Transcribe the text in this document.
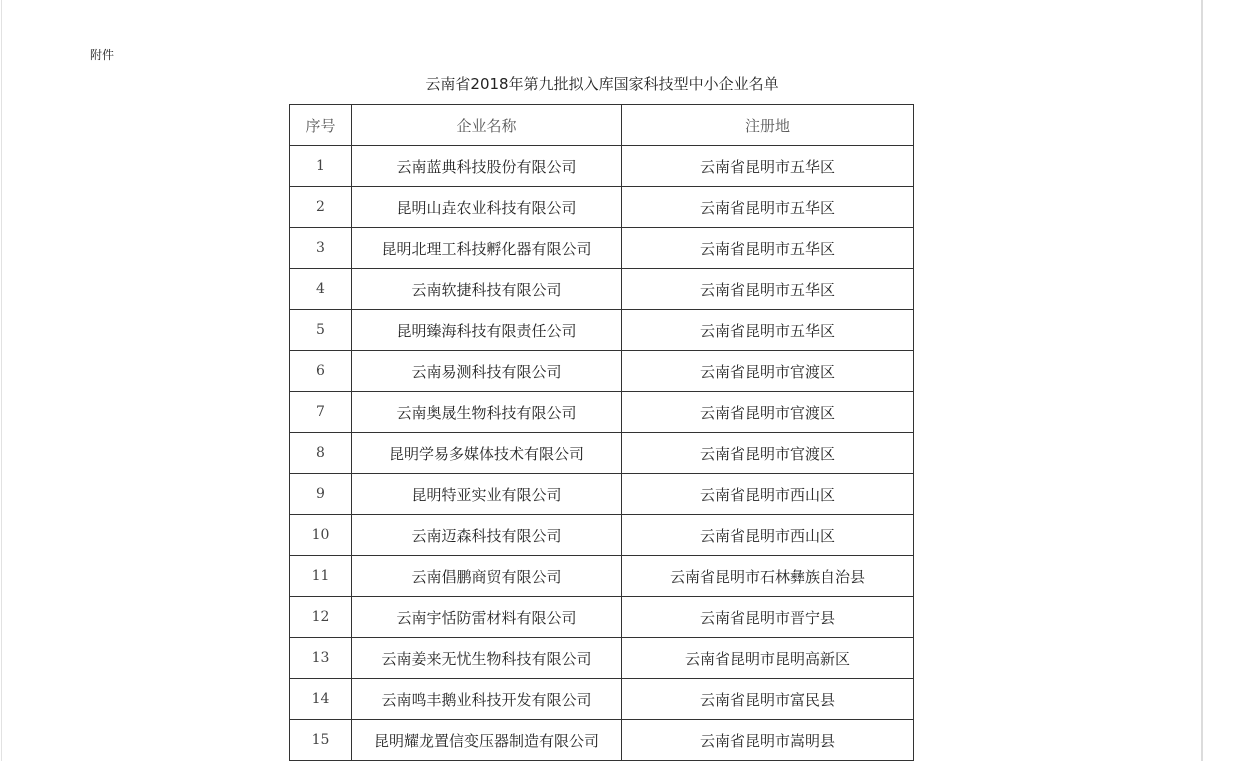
附件
云南省2018年第九批拟入库国家科技型中小企业名单
序号	企业名称	注册地
1	云南蓝典科技股份有限公司	云南省昆明市五华区
2	昆明山垚农业科技有限公司	云南省昆明市五华区
3	昆明北理工科技孵化器有限公司	云南省昆明市五华区
4	云南软捷科技有限公司	云南省昆明市五华区
5	昆明臻海科技有限责任公司	云南省昆明市五华区
6	云南易测科技有限公司	云南省昆明市官渡区
7	云南奥晟生物科技有限公司	云南省昆明市官渡区
8	昆明学易多媒体技术有限公司	云南省昆明市官渡区
9	昆明特亚实业有限公司	云南省昆明市西山区
10	云南迈森科技有限公司	云南省昆明市西山区
11	云南倡鹏商贸有限公司	云南省昆明市石林彝族自治县
12	云南宇恬防雷材料有限公司	云南省昆明市晋宁县
13	云南姜来无忧生物科技有限公司	云南省昆明市昆明高新区
14	云南鸣丰鹅业科技开发有限公司	云南省昆明市富民县
15	昆明耀龙置信变压器制造有限公司	云南省昆明市嵩明县
